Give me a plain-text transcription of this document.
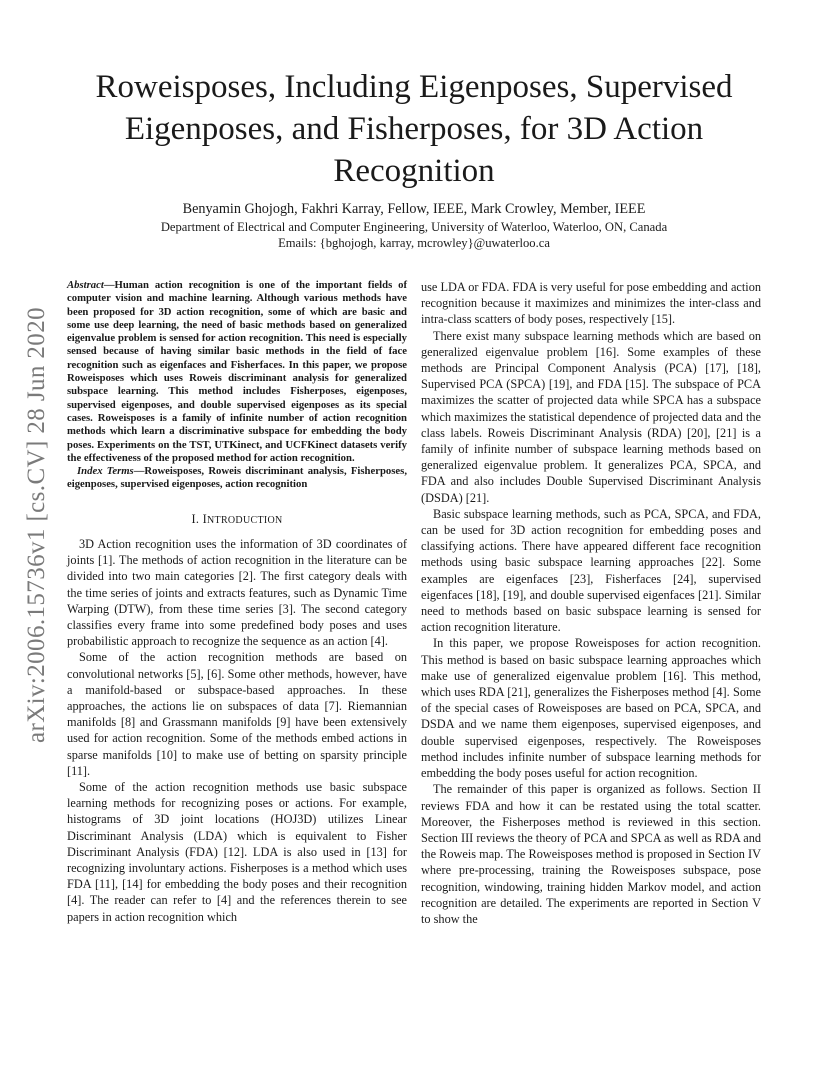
arXiv:2006.15736v1 [cs.CV] 28 Jun 2020
Roweisposes, Including Eigenposes, Supervised Eigenposes, and Fisherposes, for 3D Action Recognition
Benyamin Ghojogh, Fakhri Karray, Fellow, IEEE, Mark Crowley, Member, IEEE
Department of Electrical and Computer Engineering, University of Waterloo, Waterloo, ON, Canada
Emails: {bghojogh, karray, mcrowley}@uwaterloo.ca

Abstract—Human action recognition is one of the important fields of computer vision and machine learning. Although various methods have been proposed for 3D action recognition, some of which are basic and some use deep learning, the need of basic methods based on generalized eigenvalue problem is sensed for action recognition. This need is especially sensed because of having similar basic methods in the field of face recognition such as eigenfaces and Fisherfaces. In this paper, we propose Roweisposes which uses Roweis discriminant analysis for generalized subspace learning. This method includes Fisherposes, eigenposes, supervised eigenposes, and double supervised eigenposes as its special cases. Roweisposes is a family of infinite number of action recognition methods which learn a discriminative subspace for embedding the body poses. Experiments on the TST, UTKinect, and UCFKinect datasets verify the effectiveness of the proposed method for action recognition.

Index Terms—Roweisposes, Roweis discriminant analysis, Fisherposes, eigenposes, supervised eigenposes, action recognition

I. INTRODUCTION

3D Action recognition uses the information of 3D coordinates of joints [1]. The methods of action recognition in the literature can be divided into two main categories [2]. The first category deals with the time series of joints and extracts features, such as Dynamic Time Warping (DTW), from these time series [3]. The second category classifies every frame into some predefined body poses and uses probabilistic approach to recognize the sequence as an action [4].

Some of the action recognition methods are based on convolutional networks [5], [6]. Some other methods, however, have a manifold-based or subspace-based approaches. In these approaches, the actions lie on subspaces of data [7]. Riemannian manifolds [8] and Grassmann manifolds [9] have been extensively used for action recognition. Some of the methods embed actions in sparse manifolds [10] to make use of betting on sparsity principle [11].

Some of the action recognition methods use basic subspace learning methods for recognizing poses or actions. For example, histograms of 3D joint locations (HOJ3D) utilizes Linear Discriminant Analysis (LDA) which is equivalent to Fisher Discriminant Analysis (FDA) [12]. LDA is also used in [13] for recognizing involuntary actions. Fisherposes is a method which uses FDA [11], [14] for embedding the body poses and their recognition [4]. The reader can refer to [4] and the references therein to see papers in action recognition which

use LDA or FDA. FDA is very useful for pose embedding and action recognition because it maximizes and minimizes the inter-class and intra-class scatters of body poses, respectively [15].

There exist many subspace learning methods which are based on generalized eigenvalue problem [16]. Some examples of these methods are Principal Component Analysis (PCA) [17], [18], Supervised PCA (SPCA) [19], and FDA [15]. The subspace of PCA maximizes the scatter of projected data while SPCA has a subspace which maximizes the statistical dependence of projected data and the class labels. Roweis Discriminant Analysis (RDA) [20], [21] is a family of infinite number of subspace learning methods based on generalized eigenvalue problem. It generalizes PCA, SPCA, and FDA and also includes Double Supervised Discriminant Analysis (DSDA) [21].

Basic subspace learning methods, such as PCA, SPCA, and FDA, can be used for 3D action recognition for embedding poses and classifying actions. There have appeared different face recognition methods using basic subspace learning approaches [22]. Some examples are eigenfaces [23], Fisherfaces [24], supervised eigenfaces [18], [19], and double supervised eigenfaces [21]. Similar need to methods based on basic subspace learning is sensed for action recognition literature.

In this paper, we propose Roweisposes for action recognition. This method is based on basic subspace learning approaches which make use of generalized eigenvalue problem [16]. This method, which uses RDA [21], generalizes the Fisherposes method [4]. Some of the special cases of Roweisposes are based on PCA, SPCA, and DSDA and we name them eigenposes, supervised eigenposes, and double supervised eigenposes, respectively. The Roweisposes method includes infinite number of subspace learning methods for embedding the body poses useful for action recognition.

The remainder of this paper is organized as follows. Section II reviews FDA and how it can be restated using the total scatter. Moreover, the Fisherposes method is reviewed in this section. Section III reviews the theory of PCA and SPCA as well as RDA and the Roweis map. The Roweisposes method is proposed in Section IV where pre-processing, training the Roweisposes subspace, pose recognition, windowing, training hidden Markov model, and action recognition are detailed. The experiments are reported in Section V to show the
